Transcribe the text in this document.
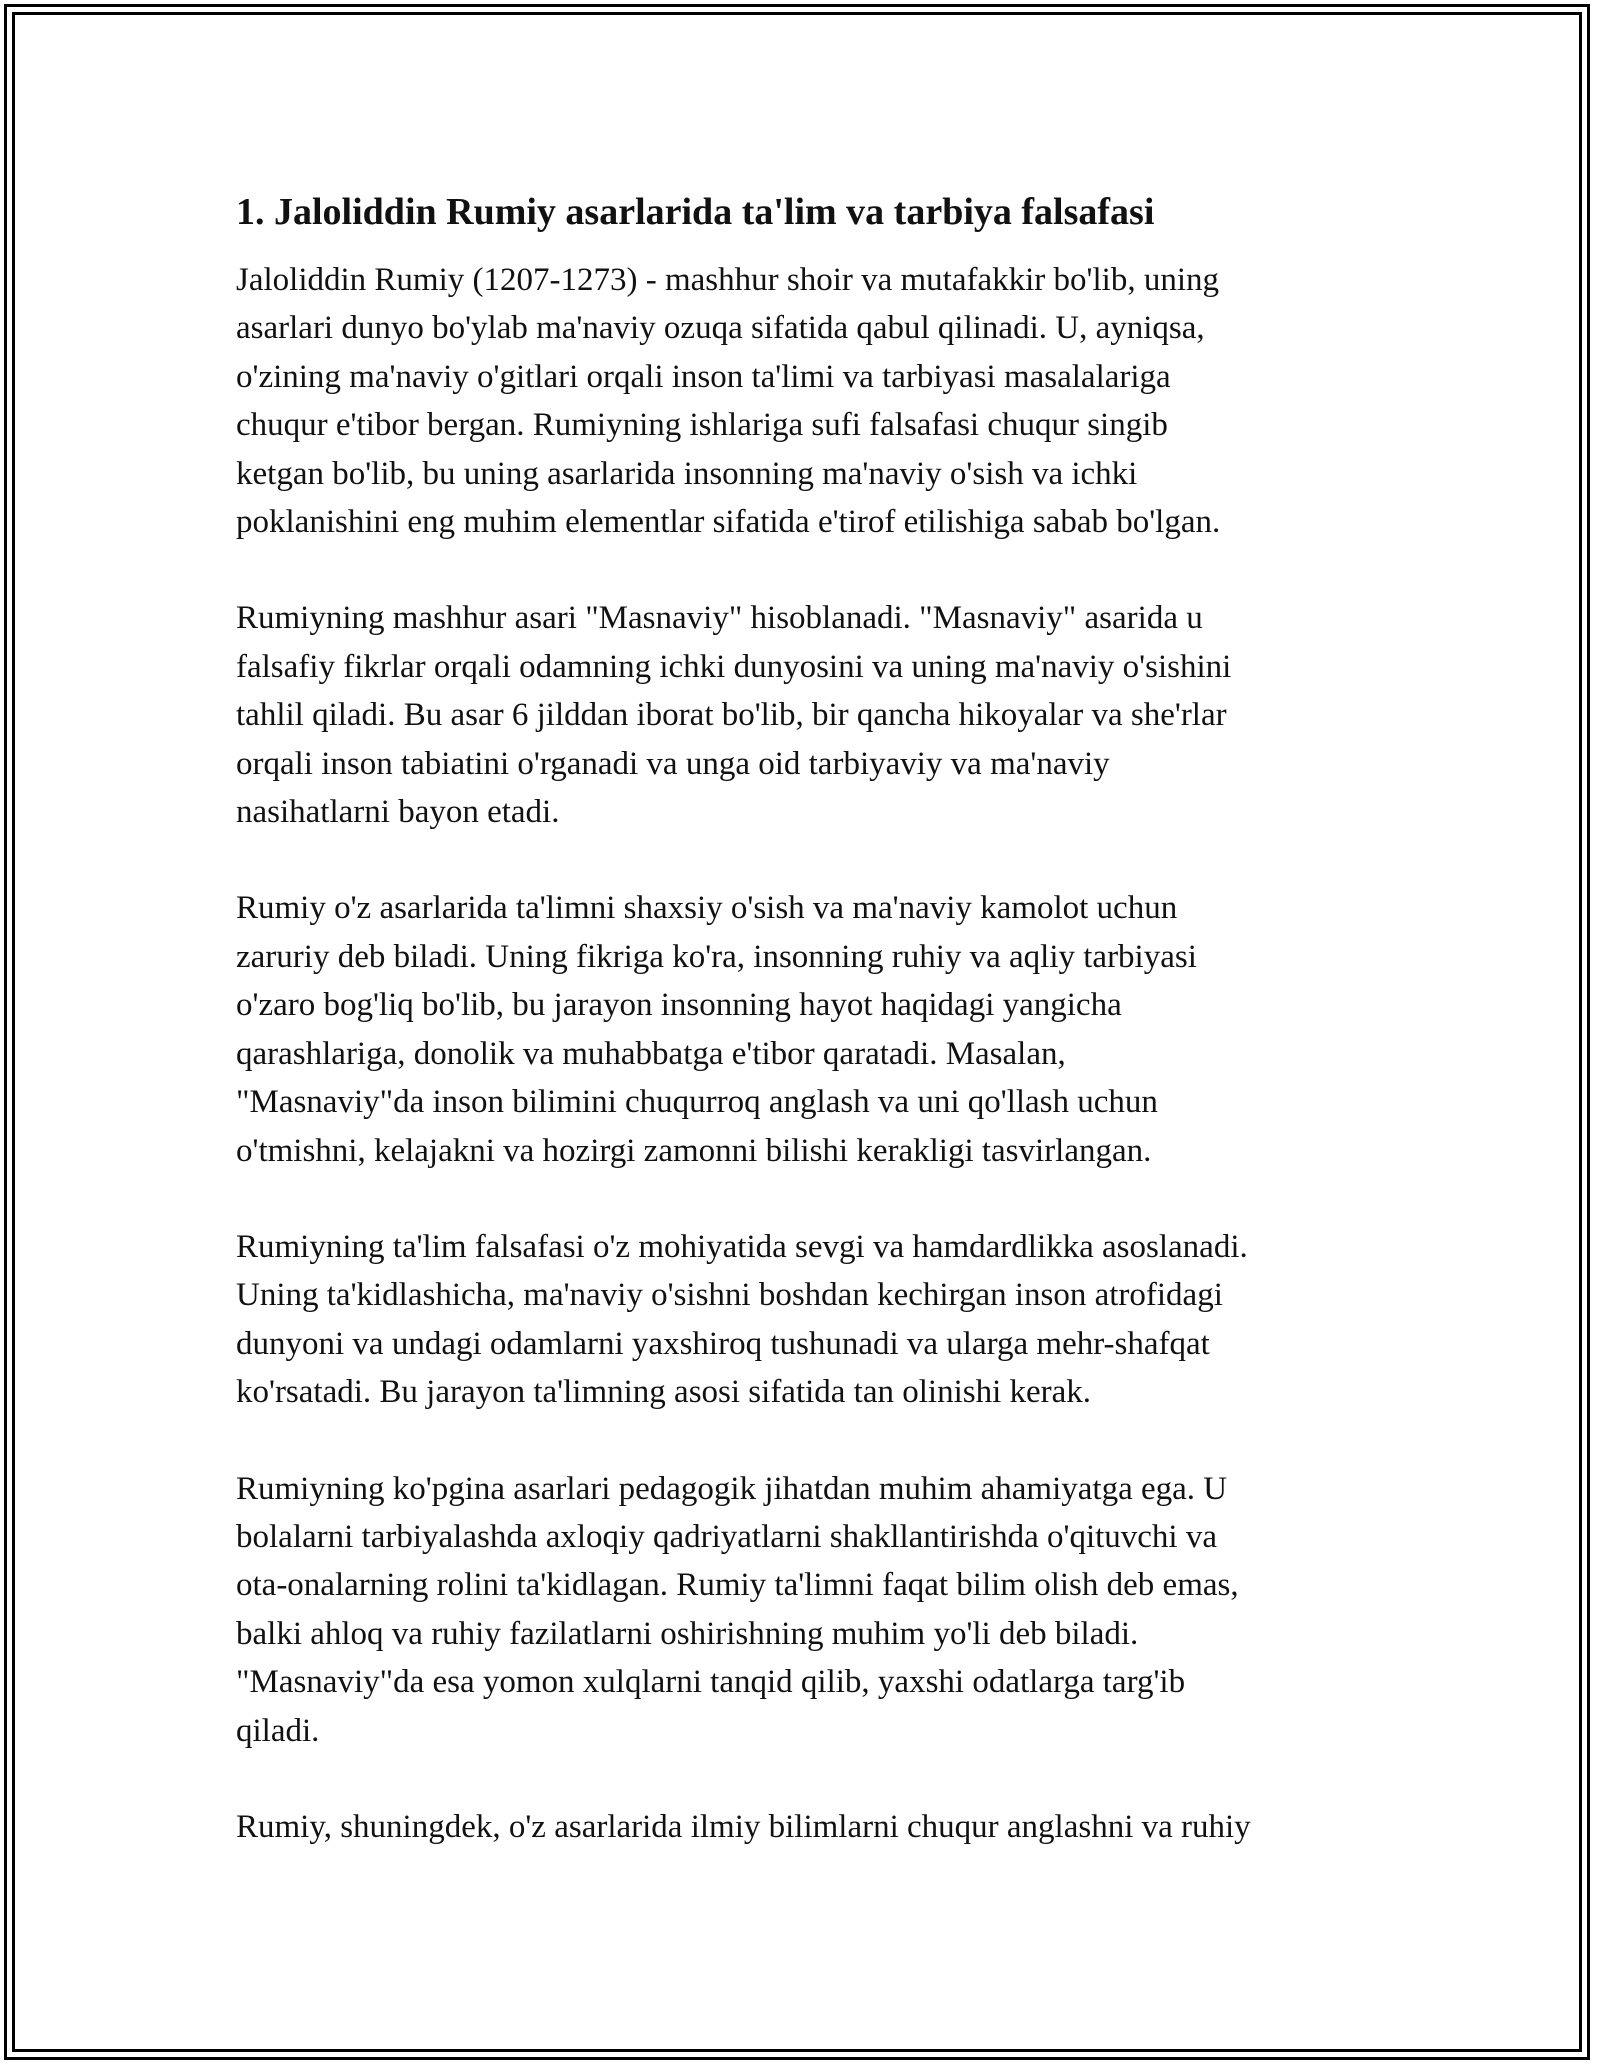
1. Jaloliddin Rumiy asarlarida ta'lim va tarbiya falsafasi

Jaloliddin Rumiy (1207-1273) - mashhur shoir va mutafakkir bo'lib, uning
asarlari dunyo bo'ylab ma'naviy ozuqa sifatida qabul qilinadi. U, ayniqsa,
o'zining ma'naviy o'gitlari orqali inson ta'limi va tarbiyasi masalalariga
chuqur e'tibor bergan. Rumiyning ishlariga sufi falsafasi chuqur singib
ketgan bo'lib, bu uning asarlarida insonning ma'naviy o'sish va ichki
poklanishini eng muhim elementlar sifatida e'tirof etilishiga sabab bo'lgan.

Rumiyning mashhur asari "Masnaviy" hisoblanadi. "Masnaviy" asarida u
falsafiy fikrlar orqali odamning ichki dunyosini va uning ma'naviy o'sishini
tahlil qiladi. Bu asar 6 jilddan iborat bo'lib, bir qancha hikoyalar va she'rlar
orqali inson tabiatini o'rganadi va unga oid tarbiyaviy va ma'naviy
nasihatlarni bayon etadi.

Rumiy o'z asarlarida ta'limni shaxsiy o'sish va ma'naviy kamolot uchun
zaruriy deb biladi. Uning fikriga ko'ra, insonning ruhiy va aqliy tarbiyasi
o'zaro bog'liq bo'lib, bu jarayon insonning hayot haqidagi yangicha
qarashlariga, donolik va muhabbatga e'tibor qaratadi. Masalan,
"Masnaviy"da inson bilimini chuqurroq anglash va uni qo'llash uchun
o'tmishni, kelajakni va hozirgi zamonni bilishi kerakligi tasvirlangan.

Rumiyning ta'lim falsafasi o'z mohiyatida sevgi va hamdardlikka asoslanadi.
Uning ta'kidlashicha, ma'naviy o'sishni boshdan kechirgan inson atrofidagi
dunyoni va undagi odamlarni yaxshiroq tushunadi va ularga mehr-shafqat
ko'rsatadi. Bu jarayon ta'limning asosi sifatida tan olinishi kerak.

Rumiyning ko'pgina asarlari pedagogik jihatdan muhim ahamiyatga ega. U
bolalarni tarbiyalashda axloqiy qadriyatlarni shakllantirishda o'qituvchi va
ota-onalarning rolini ta'kidlagan. Rumiy ta'limni faqat bilim olish deb emas,
balki ahloq va ruhiy fazilatlarni oshirishning muhim yo'li deb biladi.
"Masnaviy"da esa yomon xulqlarni tanqid qilib, yaxshi odatlarga targ'ib
qiladi.

Rumiy, shuningdek, o'z asarlarida ilmiy bilimlarni chuqur anglashni va ruhiy
